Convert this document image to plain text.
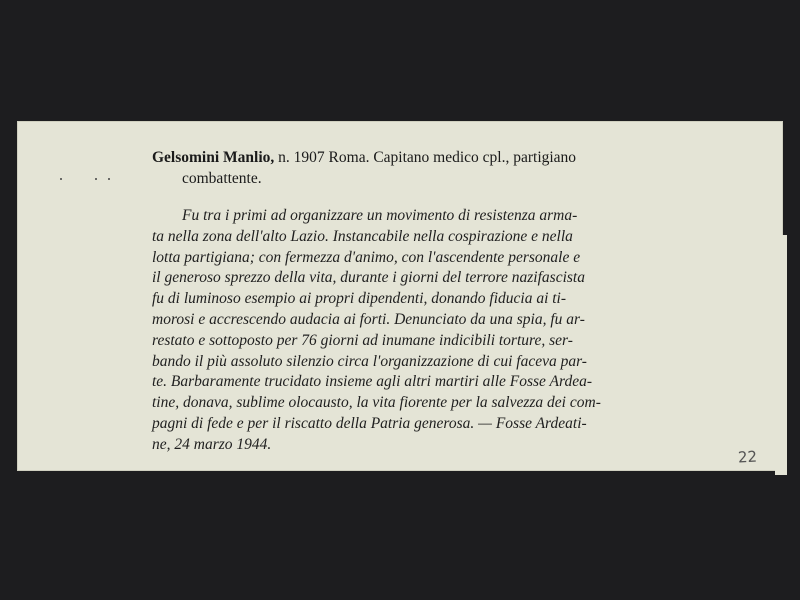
Gelsomini Manlio, n. 1907 Roma. Capitano medico cpl., partigiano
combattente.
Fu tra i primi ad organizzare un movimento di resistenza arma-
ta nella zona dell'alto Lazio. Instancabile nella cospirazione e nella
lotta partigiana; con fermezza d'animo, con l'ascendente personale e
il generoso sprezzo della vita, durante i giorni del terrore nazifascista
fu di luminoso esempio ai propri dipendenti, donando fiducia ai ti-
morosi e accrescendo audacia ai forti. Denunciato da una spia, fu ar-
restato e sottoposto per 76 giorni ad inumane indicibili torture, ser-
bando il più assoluto silenzio circa l'organizzazione di cui faceva par-
te. Barbaramente trucidato insieme agli altri martiri alle Fosse Ardea-
tine, donava, sublime olocausto, la vita fiorente per la salvezza dei com-
pagni di fede e per il riscatto della Patria generosa. — Fosse Ardeati-
ne, 24 marzo 1944.
22
